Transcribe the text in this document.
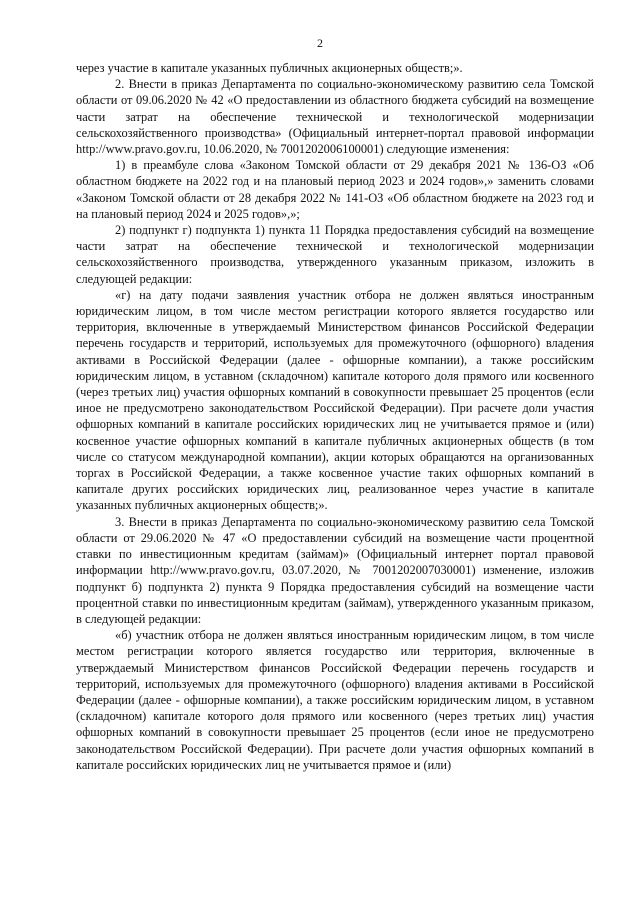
2

через участие в капитале указанных публичных акционерных обществ;».

2. Внести в приказ Департамента по социально-экономическому развитию села Томской области от 09.06.2020 № 42 «О предоставлении из областного бюджета субсидий на возмещение части затрат на обеспечение технической и технологической модернизации сельскохозяйственного производства» (Официальный интернет-портал правовой информации http://www.pravo.gov.ru, 10.06.2020, № 7001202006100001) следующие изменения:

1) в преамбуле слова «Законом Томской области от 29 декабря 2021 № 136-ОЗ «Об областном бюджете на 2022 год и на плановый период 2023 и 2024 годов»,» заменить словами «Законом Томской области от 28 декабря 2022 № 141-ОЗ «Об областном бюджете на 2023 год и на плановый период 2024 и 2025 годов»,»;

2) подпункт г) подпункта 1) пункта 11 Порядка предоставления субсидий на возмещение части затрат на обеспечение технической и технологической модернизации сельскохозяйственного производства, утвержденного указанным приказом, изложить в следующей редакции:

«г) на дату подачи заявления участник отбора не должен являться иностранным юридическим лицом, в том числе местом регистрации которого является государство или территория, включенные в утверждаемый Министерством финансов Российской Федерации перечень государств и территорий, используемых для промежуточного (офшорного) владения активами в Российской Федерации (далее - офшорные компании), а также российским юридическим лицом, в уставном (складочном) капитале которого доля прямого или косвенного (через третьих лиц) участия офшорных компаний в совокупности превышает 25 процентов (если иное не предусмотрено законодательством Российской Федерации). При расчете доли участия офшорных компаний в капитале российских юридических лиц не учитывается прямое и (или) косвенное участие офшорных компаний в капитале публичных акционерных обществ (в том числе со статусом международной компании), акции которых обращаются на организованных торгах в Российской Федерации, а также косвенное участие таких офшорных компаний в капитале других российских юридических лиц, реализованное через участие в капитале указанных публичных акционерных обществ;».

3. Внести в приказ Департамента по социально-экономическому развитию села Томской области от 29.06.2020 № 47 «О предоставлении субсидий на возмещение части процентной ставки по инвестиционным кредитам (займам)» (Официальный интернет портал правовой информации http://www.pravo.gov.ru, 03.07.2020, № 7001202007030001) изменение, изложив подпункт б) подпункта 2) пункта 9 Порядка предоставления субсидий на возмещение части процентной ставки по инвестиционным кредитам (займам), утвержденного указанным приказом, в следующей редакции:

«б) участник отбора не должен являться иностранным юридическим лицом, в том числе местом регистрации которого является государство или территория, включенные в утверждаемый Министерством финансов Российской Федерации перечень государств и территорий, используемых для промежуточного (офшорного) владения активами в Российской Федерации (далее - офшорные компании), а также российским юридическим лицом, в уставном (складочном) капитале которого доля прямого или косвенного (через третьих лиц) участия офшорных компаний в совокупности превышает 25 процентов (если иное не предусмотрено законодательством Российской Федерации). При расчете доли участия офшорных компаний в капитале российских юридических лиц не учитывается прямое и (или)
